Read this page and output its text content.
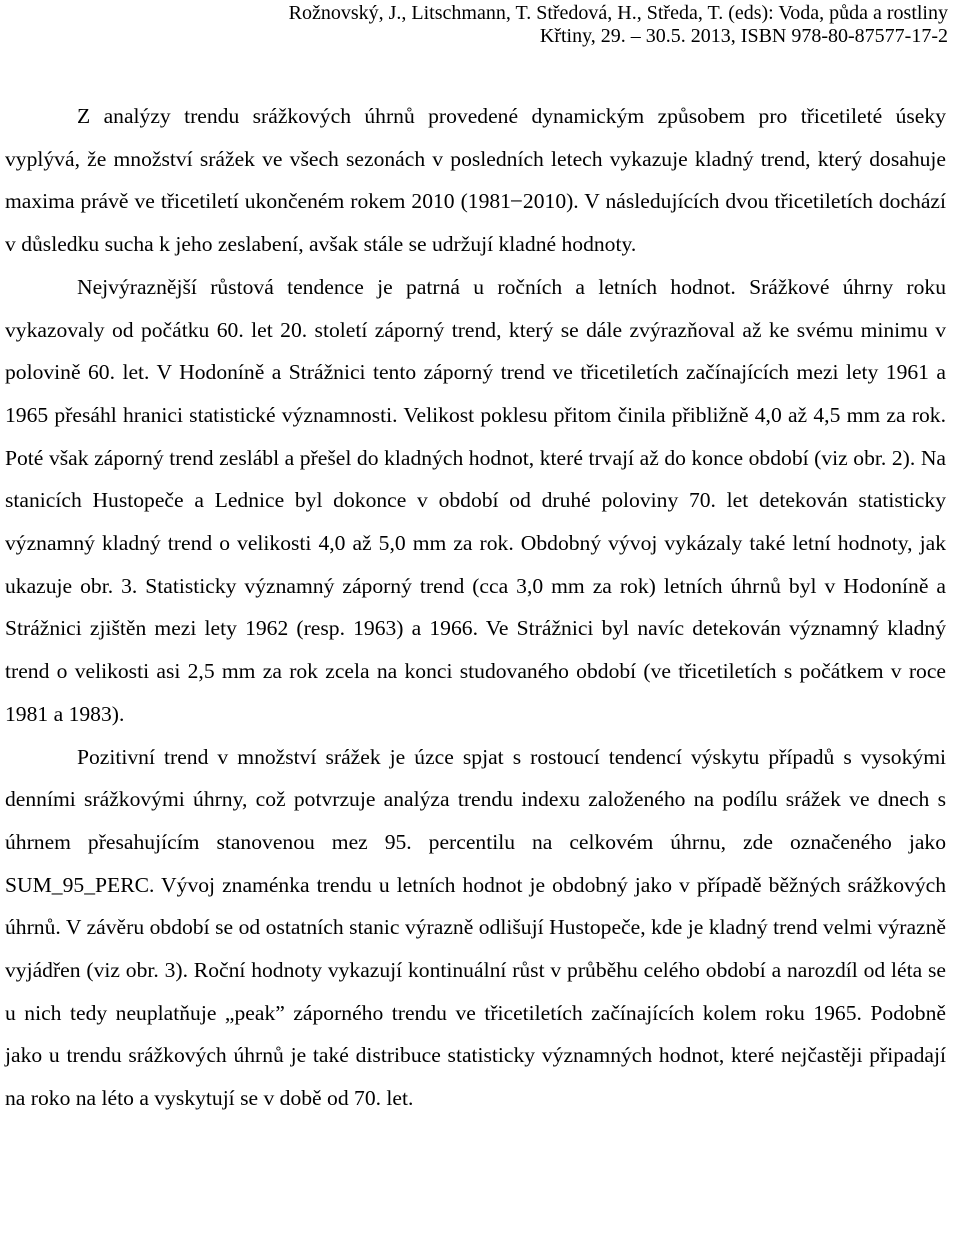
Rožnovský, J., Litschmann, T. Středová, H., Středa, T. (eds): Voda, půda a rostliny
Křtiny, 29. – 30.5. 2013, ISBN 978-80-87577-17-2

Z analýzy trendu srážkových úhrnů provedené dynamickým způsobem pro třicetileté úseky vyplývá, že množství srážek ve všech sezonách v posledních letech vykazuje kladný trend, který dosahuje maxima právě ve třicetiletí ukončeném rokem 2010 (1981 ̶ 2010). V následujících dvou třicetiletích dochází v důsledku sucha k jeho zeslabení, avšak stále se udržují kladné hodnoty.

Nejvýraznější růstová tendence je patrná u ročních a letních hodnot. Srážkové úhrny roku vykazovaly od počátku 60. let 20. století záporný trend, který se dále zvýrazňoval až ke svému minimu v polovině 60. let. V Hodoníně a Strážnici tento záporný trend ve třicetiletích začínajících mezi lety 1961 a 1965 přesáhl hranici statistické významnosti. Velikost poklesu přitom činila přibližně 4,0 až 4,5 mm za rok. Poté však záporný trend zeslábl a přešel do kladných hodnot, které trvají až do konce období (viz obr. 2). Na stanicích Hustopeče a Lednice byl dokonce v období od druhé poloviny 70. let detekován statisticky významný kladný trend o velikosti 4,0 až 5,0 mm za rok. Obdobný vývoj vykázaly také letní hodnoty, jak ukazuje obr. 3. Statisticky významný záporný trend (cca 3,0 mm za rok) letních úhrnů byl v Hodoníně a Strážnici zjištěn mezi lety 1962 (resp. 1963) a 1966. Ve Strážnici byl navíc detekován významný kladný trend o velikosti asi 2,5 mm za rok zcela na konci studovaného období (ve třicetiletích s počátkem v roce 1981 a 1983).

Pozitivní trend v množství srážek je úzce spjat s rostoucí tendencí výskytu případů s vysokými denními srážkovými úhrny, což potvrzuje analýza trendu indexu založeného na podílu srážek ve dnech s úhrnem přesahujícím stanovenou mez 95. percentilu na celkovém úhrnu, zde označeného jako SUM_95_PERC. Vývoj znaménka trendu u letních hodnot je obdobný jako v případě běžných srážkových úhrnů. V závěru období se od ostatních stanic výrazně odlišují Hustopeče, kde je kladný trend velmi výrazně vyjádřen (viz obr. 3). Roční hodnoty vykazují kontinuální růst v průběhu celého období a narozdíl od léta se u nich tedy neuplatňuje „peak” záporného trendu ve třicetiletích začínajících kolem roku 1965. Podobně jako u trendu srážkových úhrnů je také distribuce statisticky významných hodnot, které nejčastěji připadají na roko na léto a vyskytují se v době od 70. let.
